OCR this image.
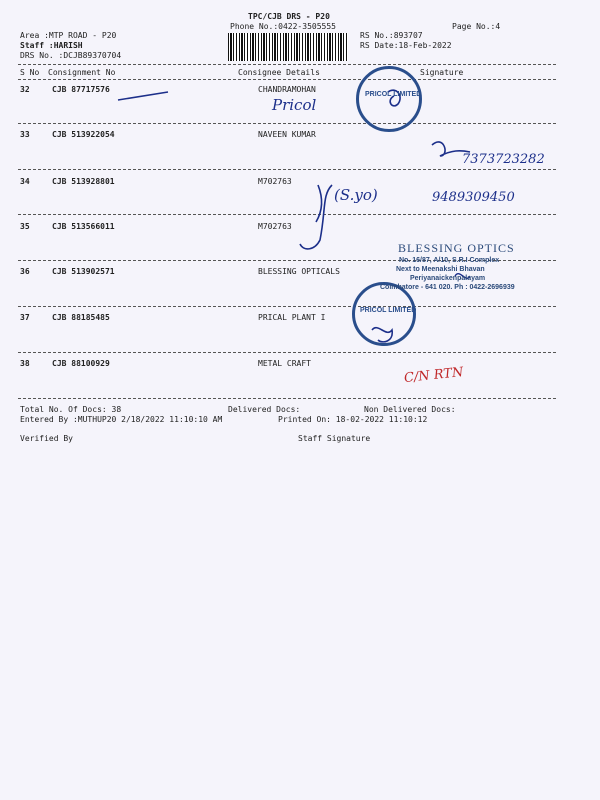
TPC/CJB DRS - P20
Phone No.:0422-3505555	Page No.:4
Area :MTP ROAD - P20
Staff :HARISH
DRS No. :DCJB89370704
RS No.:893707
RS Date:18-Feb-2022
S No Consignment No	Consignee Details	Signature
32	CJB 87717576	CHANDRAMOHAN
33	CJB 513922054	NAVEEN KUMAR
34	CJB 513928801	M702763
35	CJB 513566011	M702763
36	CJB 513902571	BLESSING OPTICALS
37	CJB 88185485	PRICAL PLANT I
38	CJB 88100929	METAL CRAFT
Total No. Of Docs: 38	Delivered Docs:	Non Delivered Docs:
Entered By :MUTHUP20 2/18/2022 11:10:10 AM	Printed On: 18-02-2022 11:10:12
Verified By	Staff Signature
Pricol
7373723282
(S.yo)	9489309450
C/N RTN
PRICOL LIMITED
PRICOL LIMITED
BLESSING OPTICS
No. 16/87, A/10, S.R.I Complex
Next to Meenakshi Bhavan
Periyanaickenpalayam
Coimbatore - 641 020. Ph : 0422-2696939
